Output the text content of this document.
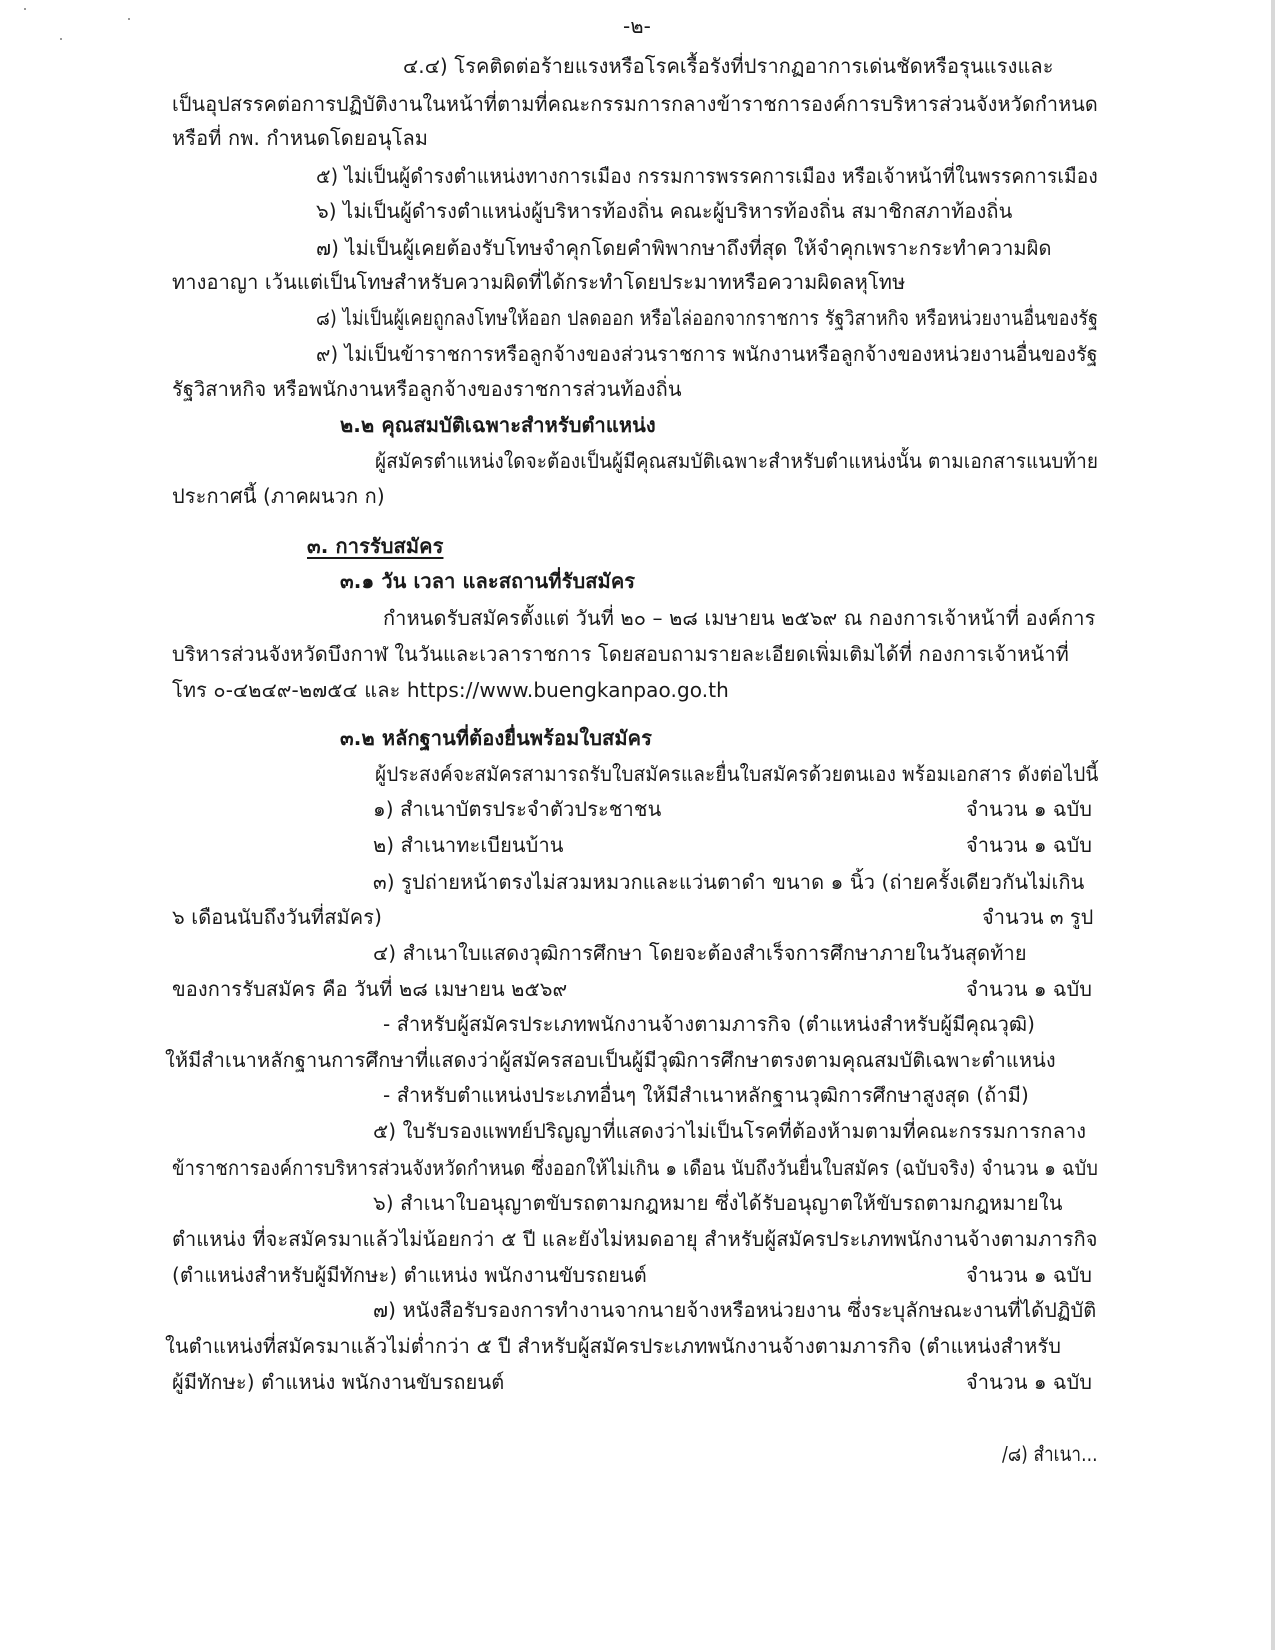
-๒-
๔.๔) โรคติดต่อร้ายแรงหรือโรคเรื้อรังที่ปรากฏอาการเด่นชัดหรือรุนแรงและ
เป็นอุปสรรคต่อการปฏิบัติงานในหน้าที่ตามที่คณะกรรมการกลางข้าราชการองค์การบริหารส่วนจังหวัดกำหนด
หรือที่ กพ. กำหนดโดยอนุโลม
๕) ไม่เป็นผู้ดำรงตำแหน่งทางการเมือง กรรมการพรรคการเมือง หรือเจ้าหน้าที่ในพรรคการเมือง
๖) ไม่เป็นผู้ดำรงตำแหน่งผู้บริหารท้องถิ่น คณะผู้บริหารท้องถิ่น สมาชิกสภาท้องถิ่น
๗) ไม่เป็นผู้เคยต้องรับโทษจำคุกโดยคำพิพากษาถึงที่สุด ให้จำคุกเพราะกระทำความผิด
ทางอาญา เว้นแต่เป็นโทษสำหรับความผิดที่ได้กระทำโดยประมาทหรือความผิดลหุโทษ
๘) ไม่เป็นผู้เคยถูกลงโทษให้ออก ปลดออก หรือไล่ออกจากราชการ รัฐวิสาหกิจ หรือหน่วยงานอื่นของรัฐ
๙) ไม่เป็นข้าราชการหรือลูกจ้างของส่วนราชการ พนักงานหรือลูกจ้างของหน่วยงานอื่นของรัฐ
รัฐวิสาหกิจ หรือพนักงานหรือลูกจ้างของราชการส่วนท้องถิ่น
๒.๒ คุณสมบัติเฉพาะสำหรับตำแหน่ง
ผู้สมัครตำแหน่งใดจะต้องเป็นผู้มีคุณสมบัติเฉพาะสำหรับตำแหน่งนั้น ตามเอกสารแนบท้าย
ประกาศนี้ (ภาคผนวก ก)
๓. การรับสมัคร
๓.๑ วัน เวลา และสถานที่รับสมัคร
กำหนดรับสมัครตั้งแต่ วันที่ ๒๐ – ๒๘ เมษายน ๒๕๖๙ ณ กองการเจ้าหน้าที่ องค์การ
บริหารส่วนจังหวัดบึงกาฬ ในวันและเวลาราชการ โดยสอบถามรายละเอียดเพิ่มเติมได้ที่ กองการเจ้าหน้าที่
โทร ๐-๔๒๔๙-๒๗๕๔ และ https://www.buengkanpao.go.th
๓.๒ หลักฐานที่ต้องยื่นพร้อมใบสมัคร
ผู้ประสงค์จะสมัครสามารถรับใบสมัครและยื่นใบสมัครด้วยตนเอง พร้อมเอกสาร ดังต่อไปนี้
๑) สำเนาบัตรประจำตัวประชาชน	จำนวน ๑ ฉบับ
๒) สำเนาทะเบียนบ้าน	จำนวน ๑ ฉบับ
๓) รูปถ่ายหน้าตรงไม่สวมหมวกและแว่นตาดำ ขนาด ๑ นิ้ว (ถ่ายครั้งเดียวกันไม่เกิน
๖ เดือนนับถึงวันที่สมัคร)	จำนวน ๓ รูป
๔) สำเนาใบแสดงวุฒิการศึกษา โดยจะต้องสำเร็จการศึกษาภายในวันสุดท้าย
ของการรับสมัคร คือ วันที่ ๒๘ เมษายน ๒๕๖๙	จำนวน ๑ ฉบับ
- สำหรับผู้สมัครประเภทพนักงานจ้างตามภารกิจ (ตำแหน่งสำหรับผู้มีคุณวุฒิ)
ให้มีสำเนาหลักฐานการศึกษาที่แสดงว่าผู้สมัครสอบเป็นผู้มีวุฒิการศึกษาตรงตามคุณสมบัติเฉพาะตำแหน่ง
- สำหรับตำแหน่งประเภทอื่นๆ ให้มีสำเนาหลักฐานวุฒิการศึกษาสูงสุด (ถ้ามี)
๕) ใบรับรองแพทย์ปริญญาที่แสดงว่าไม่เป็นโรคที่ต้องห้ามตามที่คณะกรรมการกลาง
ข้าราชการองค์การบริหารส่วนจังหวัดกำหนด ซึ่งออกให้ไม่เกิน ๑ เดือน นับถึงวันยื่นใบสมัคร (ฉบับจริง) จำนวน ๑ ฉบับ
๖) สำเนาใบอนุญาตขับรถตามกฎหมาย ซึ่งได้รับอนุญาตให้ขับรถตามกฎหมายใน
ตำแหน่ง ที่จะสมัครมาแล้วไม่น้อยกว่า ๕ ปี และยังไม่หมดอายุ สำหรับผู้สมัครประเภทพนักงานจ้างตามภารกิจ
(ตำแหน่งสำหรับผู้มีทักษะ) ตำแหน่ง พนักงานขับรถยนต์	จำนวน ๑ ฉบับ
๗) หนังสือรับรองการทำงานจากนายจ้างหรือหน่วยงาน ซึ่งระบุลักษณะงานที่ได้ปฏิบัติ
ในตำแหน่งที่สมัครมาแล้วไม่ต่ำกว่า ๕ ปี สำหรับผู้สมัครประเภทพนักงานจ้างตามภารกิจ (ตำแหน่งสำหรับ
ผู้มีทักษะ) ตำแหน่ง พนักงานขับรถยนต์	จำนวน ๑ ฉบับ
/๘) สำเนา...
